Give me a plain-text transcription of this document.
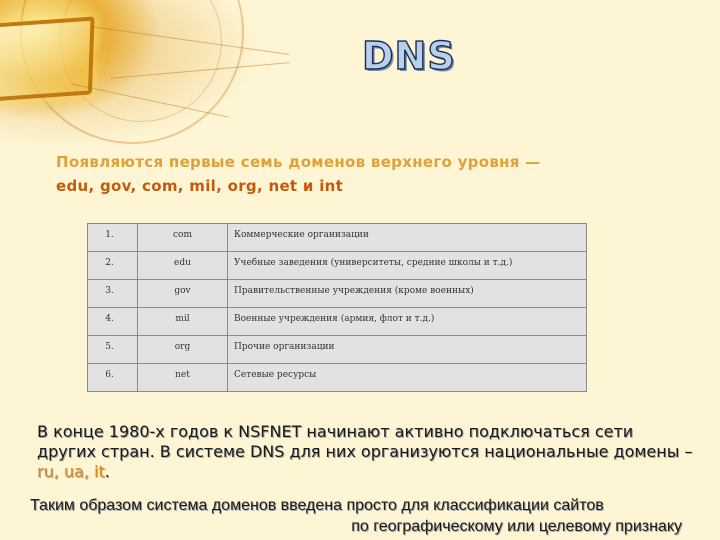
DNS
Появляются первые семь доменов верхнего уровня —
edu, gov, com, mil, org, net и int
1.	com	Коммерческие организации
2.	edu	Учебные заведения (университеты, средние школы и т.д.)
3.	gov	Правительственные учреждения (кроме военных)
4.	mil	Военные учреждения (армия, флот и т.д.)
5.	org	Прочие организации
6.	net	Сетевые ресурсы
В конце 1980-х годов к NSFNET начинают активно подключаться сети других стран. В системе DNS для них организуются национальные домены – ru, ua, it.
Таким образом система доменов введена просто для классификации сайтов
по географическому или целевому признаку
